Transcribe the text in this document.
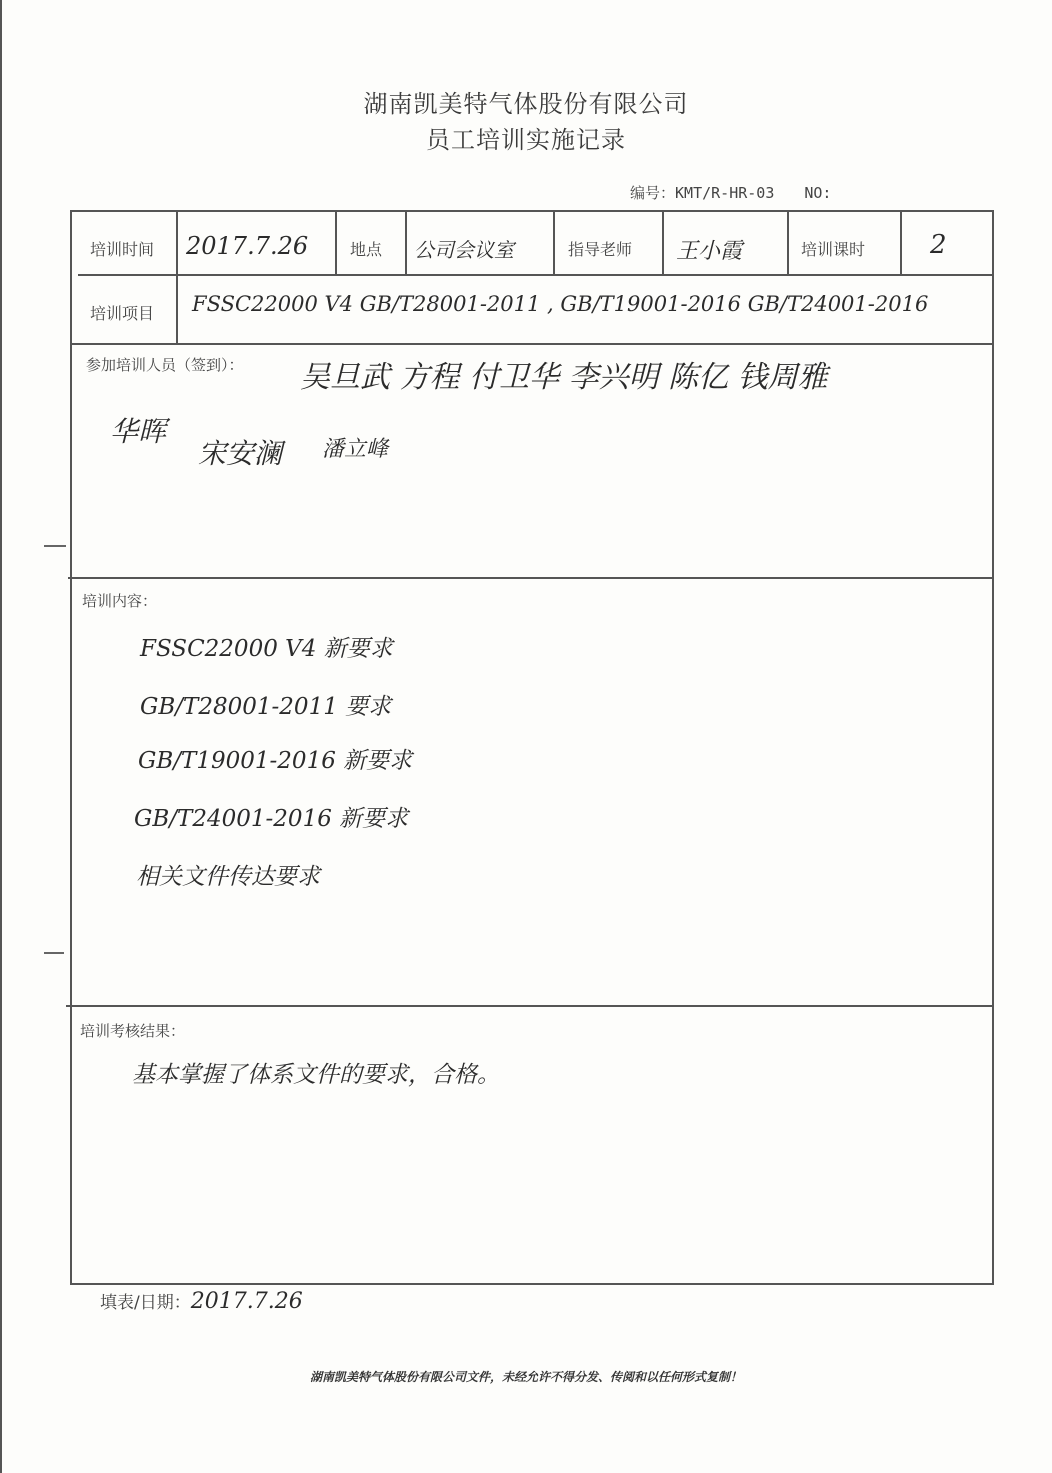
湖南凯美特气体股份有限公司
员工培训实施记录
编号：KMT/R-HR-03 NO:
培训时间 2017.7.26	地点 公司会议室	指导老师 王小霞	培训课时 2
培训项目 FSSC22000 V4 GB/T28001-2011 , GB/T19001-2016 GB/T24001-2016
参加培训人员（签到）： 吴旦武 方程 付卫华 李兴明 陈亿 钱周雅
华晖
宋安澜 潘立峰
培训内容：
FSSC22000 V4 新要求
GB/T28001-2011 要求
GB/T19001-2016 新要求
GB/T24001-2016 新要求
相关文件传达要求
培训考核结果：
基本掌握了体系文件的要求，合格。
填表/日期：2017.7.26
湖南凯美特气体股份有限公司文件，未经允许不得分发、传阅和以任何形式复制！
